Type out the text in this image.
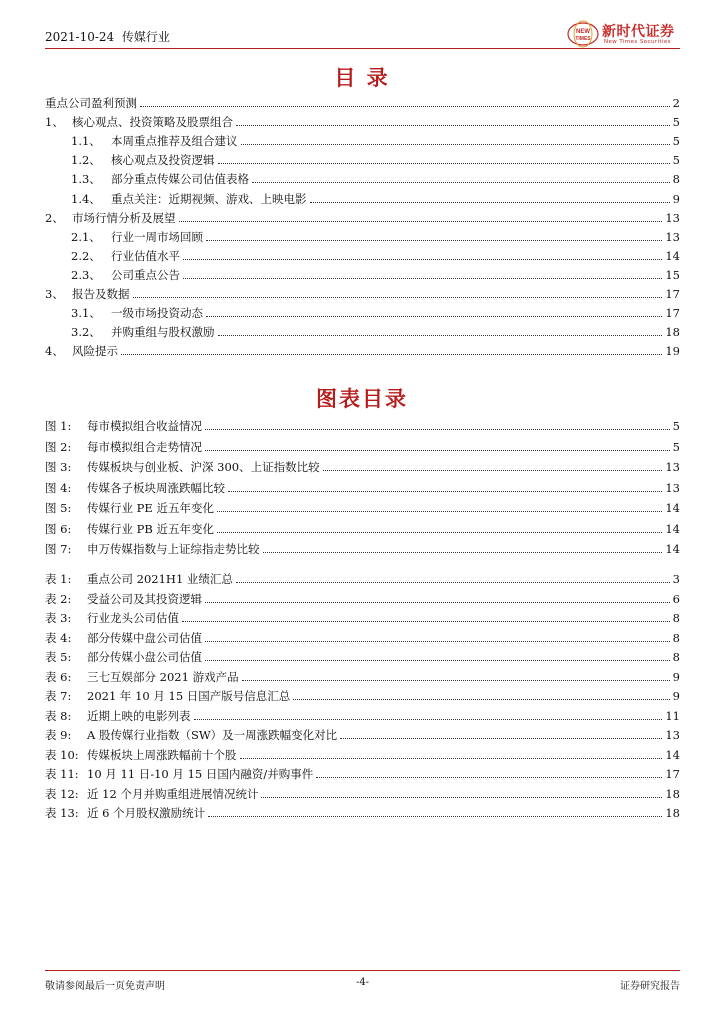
2021-10-24 传媒行业	NEW
TIMES 新时代证券
New Times Securities
目 录
重点公司盈利预测	2
1、 核心观点、投资策略及股票组合	5
1.1、 本周重点推荐及组合建议	5
1.2、 核心观点及投资逻辑	5
1.3、 部分重点传媒公司估值表格	8
1.4、 重点关注：近期视频、游戏、上映电影	9
2、 市场行情分析及展望	13
2.1、 行业一周市场回顾	13
2.2、 行业估值水平	14
2.3、 公司重点公告	15
3、 报告及数据	17
3.1、 一级市场投资动态	17
3.2、 并购重组与股权激励	18
4、 风险提示	19
图表目录
图 1:	每市模拟组合收益情况	5
图 2:	每市模拟组合走势情况	5
图 3:	传媒板块与创业板、沪深 300、上证指数比较	13
图 4:	传媒各子板块周涨跌幅比较	13
图 5:	传媒行业 PE 近五年变化	14
图 6:	传媒行业 PB 近五年变化	14
图 7:	申万传媒指数与上证综指走势比较	14
表 1:	重点公司 2021H1 业绩汇总	3
表 2:	受益公司及其投资逻辑	6
表 3:	行业龙头公司估值	8
表 4:	部分传媒中盘公司估值	8
表 5:	部分传媒小盘公司估值	8
表 6:	三七互娱部分 2021 游戏产品	9
表 7:	2021 年 10 月 15 日国产版号信息汇总	9
表 8:	近期上映的电影列表	11
表 9:	A 股传媒行业指数（SW）及一周涨跌幅变化对比	13
表 10: 传媒板块上周涨跌幅前十个股	14
表 11: 10 月 11 日-10 月 15 日国内融资/并购事件	17
表 12: 近 12 个月并购重组进展情况统计	18
表 13: 近 6 个月股权激励统计	18
敬请参阅最后一页免责声明	-4-	证券研究报告
